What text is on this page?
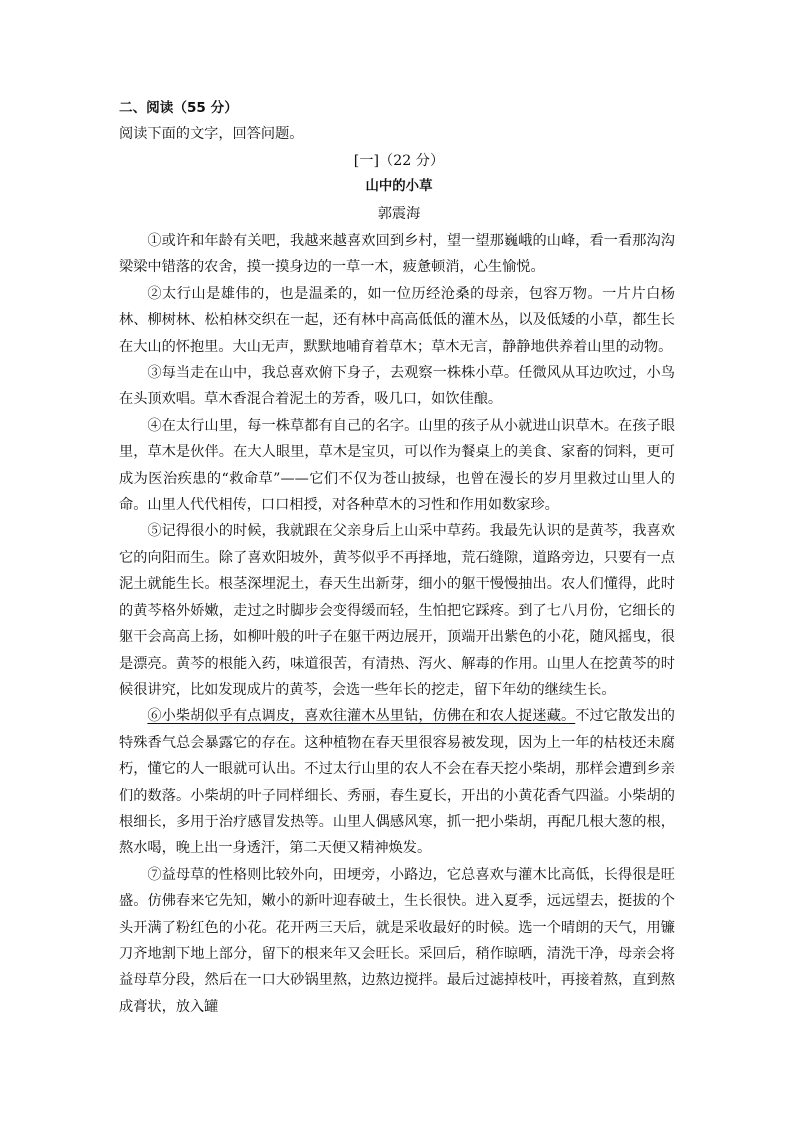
二、阅读（55 分）
阅读下面的文字，回答问题。
[一]（22 分）
山中的小草
郭震海

①或许和年龄有关吧，我越来越喜欢回到乡村，望一望那巍峨的山峰，看一看那沟沟梁梁中错落的农舍，摸一摸身边的一草一木，疲惫顿消，心生愉悦。

②太行山是雄伟的，也是温柔的，如一位历经沧桑的母亲，包容万物。一片片白杨林、柳树林、松柏林交织在一起，还有林中高高低低的灌木丛，以及低矮的小草，都生长在大山的怀抱里。大山无声，默默地哺育着草木；草木无言，静静地供养着山里的动物。

③每当走在山中，我总喜欢俯下身子，去观察一株株小草。任微风从耳边吹过，小鸟在头顶欢唱。草木香混合着泥土的芳香，吸几口，如饮佳酿。

④在太行山里，每一株草都有自己的名字。山里的孩子从小就进山识草木。在孩子眼里，草木是伙伴。在大人眼里，草木是宝贝，可以作为餐桌上的美食、家畜的饲料，更可成为医治疾患的“救命草”——它们不仅为苍山披绿，也曾在漫长的岁月里救过山里人的命。山里人代代相传，口口相授，对各种草木的习性和作用如数家珍。

⑤记得很小的时候，我就跟在父亲身后上山采中草药。我最先认识的是黄芩，我喜欢它的向阳而生。除了喜欢阳坡外，黄芩似乎不再择地，荒石缝隙，道路旁边，只要有一点泥土就能生长。根茎深埋泥土，春天生出新芽，细小的躯干慢慢抽出。农人们懂得，此时的黄芩格外娇嫩，走过之时脚步会变得缓而轻，生怕把它踩疼。到了七八月份，它细长的躯干会高高上扬，如柳叶般的叶子在躯干两边展开，顶端开出紫色的小花，随风摇曳，很是漂亮。黄芩的根能入药，味道很苦，有清热、泻火、解毒的作用。山里人在挖黄芩的时候很讲究，比如发现成片的黄芩，会选一些年长的挖走，留下年幼的继续生长。

⑥小柴胡似乎有点调皮，喜欢往灌木丛里钻，仿佛在和农人捉迷藏。不过它散发出的特殊香气总会暴露它的存在。这种植物在春天里很容易被发现，因为上一年的枯枝还未腐朽，懂它的人一眼就可认出。不过太行山里的农人不会在春天挖小柴胡，那样会遭到乡亲们的数落。小柴胡的叶子同样细长、秀丽，春生夏长，开出的小黄花香气四溢。小柴胡的根细长，多用于治疗感冒发热等。山里人偶感风寒，抓一把小柴胡，再配几根大葱的根，熬水喝，晚上出一身透汗，第二天便又精神焕发。

⑦益母草的性格则比较外向，田埂旁，小路边，它总喜欢与灌木比高低，长得很是旺盛。仿佛春来它先知，嫩小的新叶迎春破土，生长很快。进入夏季，远远望去，挺拔的个头开满了粉红色的小花。花开两三天后，就是采收最好的时候。选一个晴朗的天气，用镰刀齐地割下地上部分，留下的根来年又会旺长。采回后，稍作晾晒，清洗干净，母亲会将益母草分段，然后在一口大砂锅里熬，边熬边搅拌。最后过滤掉枝叶，再接着熬，直到熬成膏状，放入罐
